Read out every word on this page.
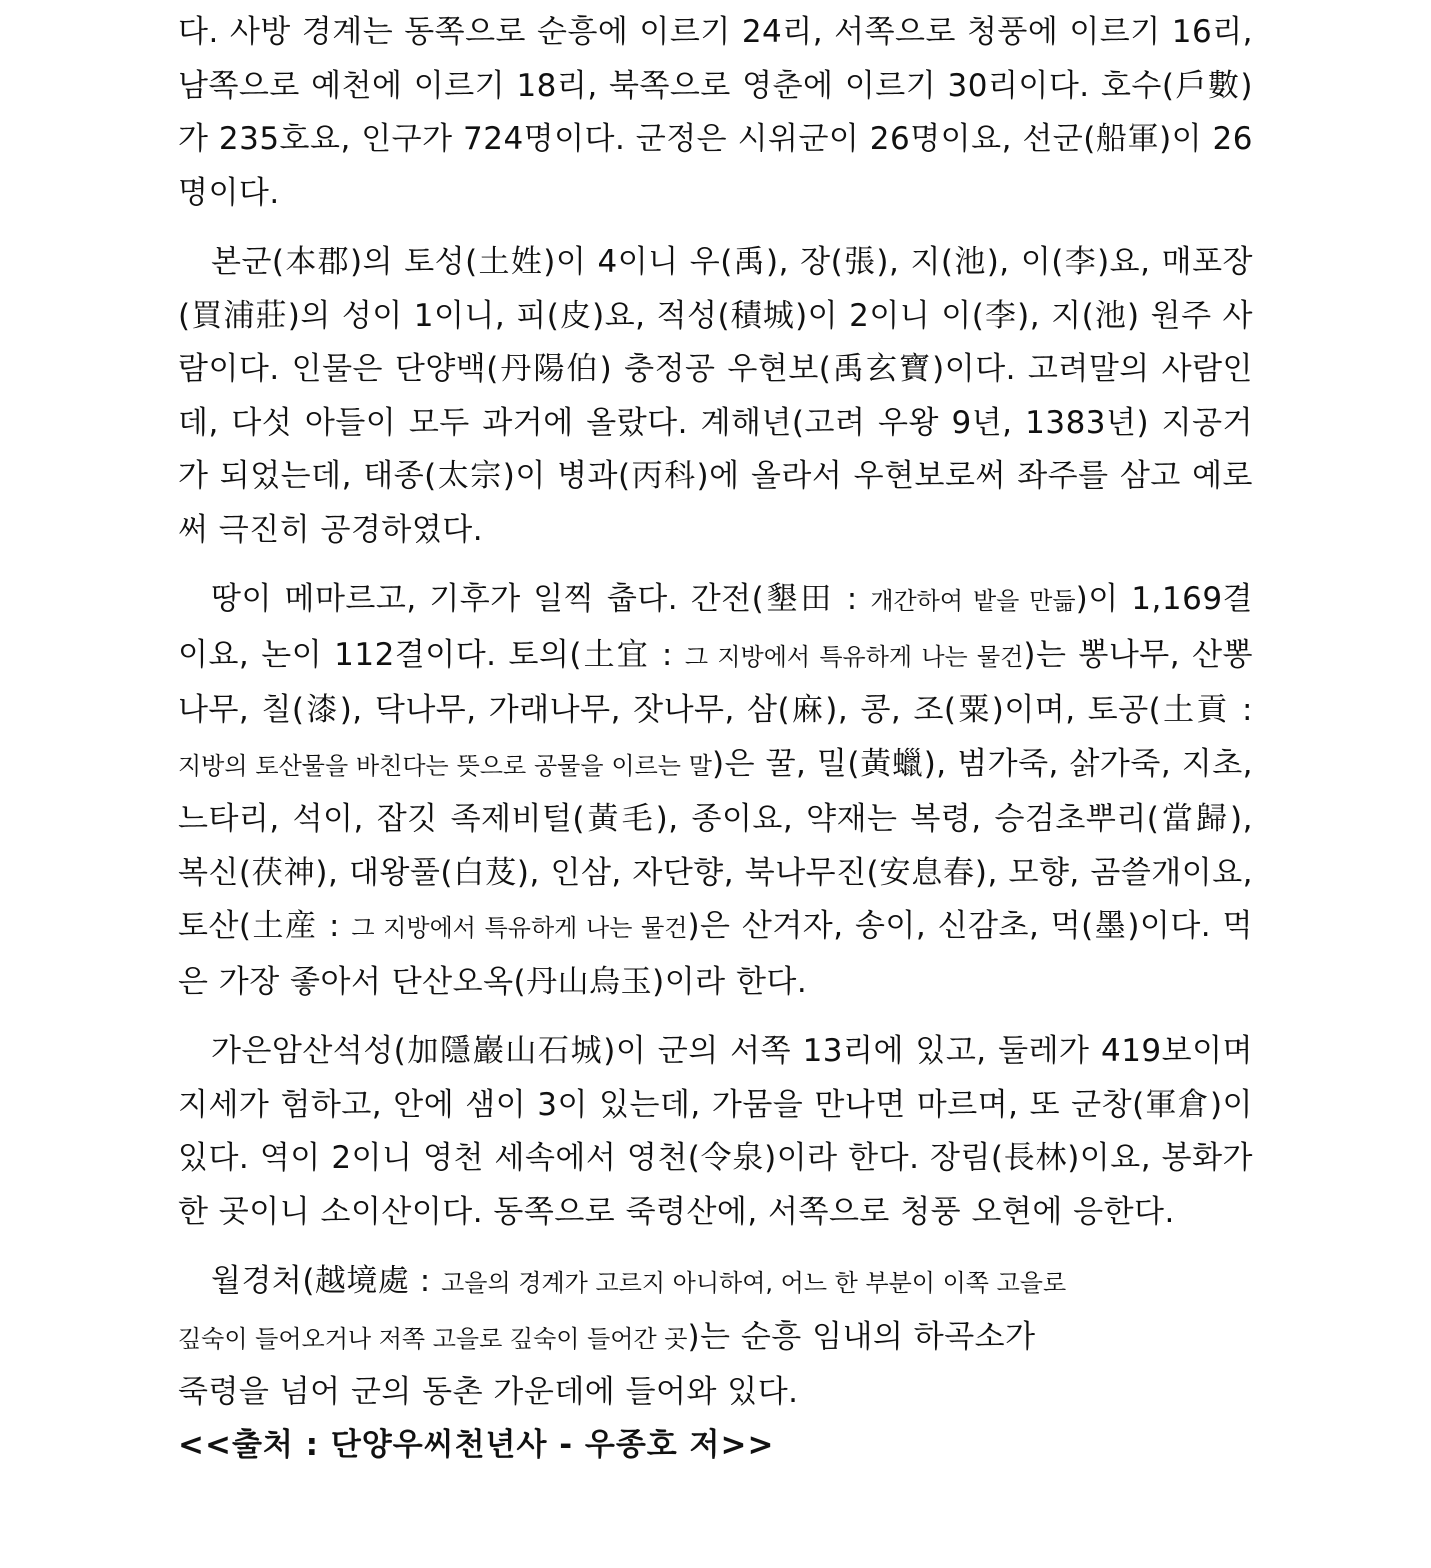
다. 사방 경계는 동쪽으로 순흥에 이르기 24리, 서쪽으로 청풍에 이르기 16리, 남쪽으로 예천에 이르기 18리, 북쪽으로 영춘에 이르기 30리이다. 호수(戶數)가 235호요, 인구가 724명이다. 군정은 시위군이 26명이요, 선군(船軍)이 26명이다.

본군(本郡)의 토성(土姓)이 4이니 우(禹), 장(張), 지(池), 이(李)요, 매포장(買浦莊)의 성이 1이니, 피(皮)요, 적성(積城)이 2이니 이(李), 지(池) 원주 사람이다. 인물은 단양백(丹陽伯) 충정공 우현보(禹玄寶)이다. 고려말의 사람인데, 다섯 아들이 모두 과거에 올랐다. 계해년(고려 우왕 9년, 1383년) 지공거가 되었는데, 태종(太宗)이 병과(丙科)에 올라서 우현보로써 좌주를 삼고 예로써 극진히 공경하였다.

땅이 메마르고, 기후가 일찍 춥다. 간전(墾田 : 개간하여 밭을 만듦)이 1,169결이요, 논이 112결이다. 토의(土宜 : 그 지방에서 특유하게 나는 물건)는 뽕나무, 산뽕나무, 칠(漆), 닥나무, 가래나무, 잣나무, 삼(麻), 콩, 조(粟)이며, 토공(土貢 : 지방의 토산물을 바친다는 뜻으로 공물을 이르는 말)은 꿀, 밀(黃蠟), 범가죽, 삵가죽, 지초, 느타리, 석이, 잡깃 족제비털(黃毛), 종이요, 약재는 복령, 승검초뿌리(當歸), 복신(茯神), 대왕풀(白芨), 인삼, 자단향, 북나무진(安息春), 모향, 곰쓸개이요, 토산(土産 : 그 지방에서 특유하게 나는 물건)은 산겨자, 송이, 신감초, 먹(墨)이다. 먹은 가장 좋아서 단산오옥(丹山烏玉)이라 한다.

가은암산석성(加隱巖山石城)이 군의 서쪽 13리에 있고, 둘레가 419보이며 지세가 험하고, 안에 샘이 3이 있는데, 가뭄을 만나면 마르며, 또 군창(軍倉)이 있다. 역이 2이니 영천 세속에서 영천(令泉)이라 한다. 장림(長林)이요, 봉화가 한 곳이니 소이산이다. 동쪽으로 죽령산에, 서쪽으로 청풍 오현에 응한다.

월경처(越境處 : 고을의 경계가 고르지 아니하여, 어느 한 부분이 이쪽 고을로
깊숙이 들어오거나 저쪽 고을로 깊숙이 들어간 곳)는 순흥 임내의 하곡소가
죽령을 넘어 군의 동촌 가운데에 들어와 있다.

<<출처 : 단양우씨천년사 - 우종호 저>>
